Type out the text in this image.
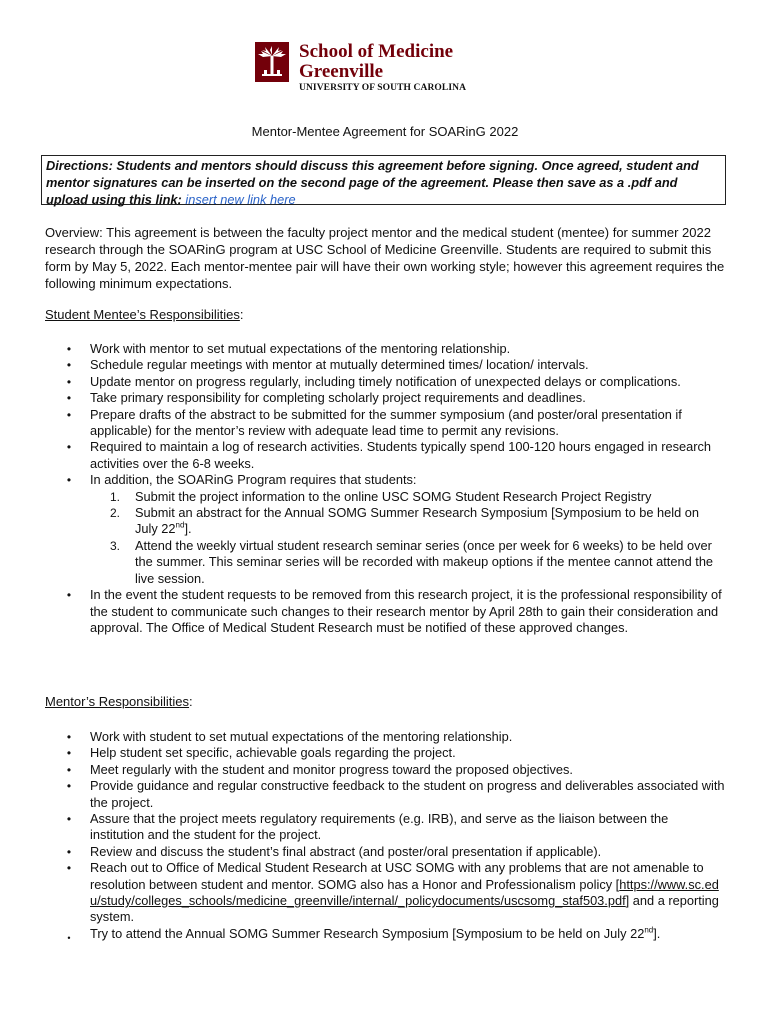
School of Medicine
Greenville
UNIVERSITY OF SOUTH CAROLINA
Mentor-Mentee Agreement for SOARinG 2022
Directions: Students and mentors should discuss this agreement before signing. Once agreed, student and mentor signatures can be inserted on the second page of the agreement. Please then save as a .pdf and upload using this link: insert new link here
Overview: This agreement is between the faculty project mentor and the medical student (mentee) for summer 2022 research through the SOARinG program at USC School of Medicine Greenville. Students are required to submit this form by May 5, 2022. Each mentor-mentee pair will have their own working style; however this agreement requires the following minimum expectations.
Student Mentee’s Responsibilities:
•	Work with mentor to set mutual expectations of the mentoring relationship.
•	Schedule regular meetings with mentor at mutually determined times/ location/ intervals.
•	Update mentor on progress regularly, including timely notification of unexpected delays or complications.
•	Take primary responsibility for completing scholarly project requirements and deadlines.
•	Prepare drafts of the abstract to be submitted for the summer symposium (and poster/oral presentation if applicable) for the mentor’s review with adequate lead time to permit any revisions.
•	Required to maintain a log of research activities. Students typically spend 100-120 hours engaged in research activities over the 6-8 weeks.
•	In addition, the SOARinG Program requires that students:
1. Submit the project information to the online USC SOMG Student Research Project Registry
2. Submit an abstract for the Annual SOMG Summer Research Symposium [Symposium to be held on July 22nd].
3. Attend the weekly virtual student research seminar series (once per week for 6 weeks) to be held over the summer. This seminar series will be recorded with makeup options if the mentee cannot attend the live session.
•	In the event the student requests to be removed from this research project, it is the professional responsibility of the student to communicate such changes to their research mentor by April 28th to gain their consideration and approval. The Office of Medical Student Research must be notified of these approved changes.
Mentor’s Responsibilities:
•	Work with student to set mutual expectations of the mentoring relationship.
•	Help student set specific, achievable goals regarding the project.
•	Meet regularly with the student and monitor progress toward the proposed objectives.
•	Provide guidance and regular constructive feedback to the student on progress and deliverables associated with the project.
•	Assure that the project meets regulatory requirements (e.g. IRB), and serve as the liaison between the institution and the student for the project.
•	Review and discuss the student’s final abstract (and poster/oral presentation if applicable).
•	Reach out to Office of Medical Student Research at USC SOMG with any problems that are not amenable to resolution between student and mentor. SOMG also has a Honor and Professionalism policy [https://www.sc.edu/study/colleges_schools/medicine_greenville/internal/_policydocuments/uscsomg_staf503.pdf] and a reporting system.
•	Try to attend the Annual SOMG Summer Research Symposium [Symposium to be held on July 22nd].
